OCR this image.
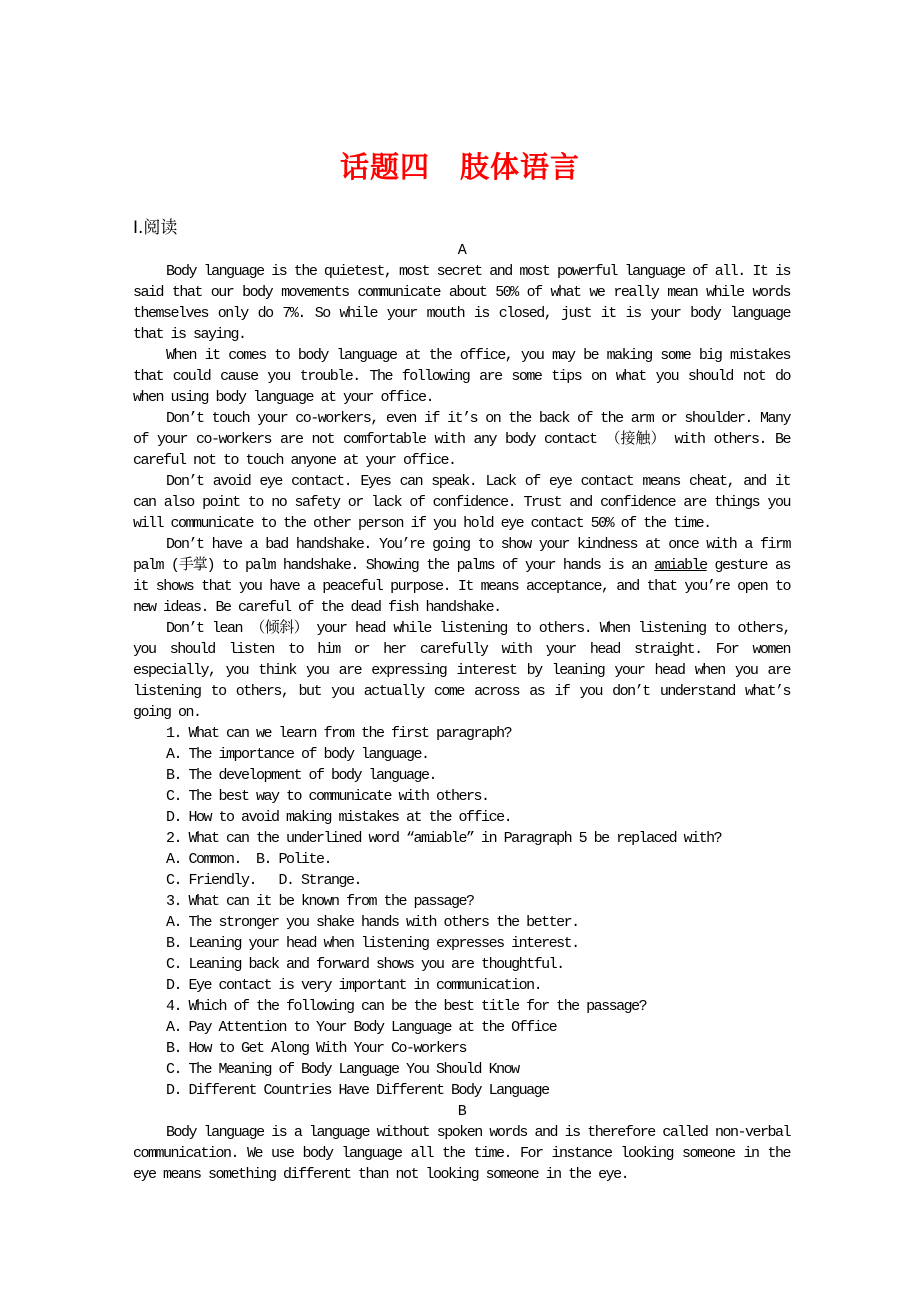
话题四　肢体语言
Ⅰ.阅读
A

Body language is the quietest, most secret and most powerful language of all. It is said that our body movements communicate about 50% of what we really mean while words themselves only do 7%. So while your mouth is closed, just it is your body language that is saying.

When it comes to body language at the office, you may be making some big mistakes that could cause you trouble. The following are some tips on what you should not do when using body language at your office.

Don’t touch your co-workers, even if it’s on the back of the arm or shoulder. Many of your co-workers are not comfortable with any body contact （接触） with others. Be careful not to touch anyone at your office.

Don’t avoid eye contact. Eyes can speak. Lack of eye contact means cheat, and it can also point to no safety or lack of confidence. Trust and confidence are things you will communicate to the other person if you hold eye contact 50% of the time.

Don’t have a bad handshake. You’re going to show your kindness at once with a firm palm (手掌) to palm handshake. Showing the palms of your hands is an amiable gesture as it shows that you have a peaceful purpose. It means acceptance, and that you’re open to new ideas. Be careful of the dead fish handshake.

Don’t lean （倾斜） your head while listening to others. When listening to others, you should listen to him or her carefully with your head straight. For women especially, you think you are expressing interest by leaning your head when you are listening to others, but you actually come across as if you don’t understand what’s going on.

1. What can we learn from the first paragraph?
A. The importance of body language.
B. The development of body language.
C. The best way to communicate with others.
D. How to avoid making mistakes at the office.
2. What can the underlined word “amiable” in Paragraph 5 be replaced with?
A. Common.  B. Polite.
C. Friendly.   D. Strange.
3. What can it be known from the passage?
A. The stronger you shake hands with others the better.
B. Leaning your head when listening expresses interest.
C. Leaning back and forward shows you are thoughtful.
D. Eye contact is very important in communication.
4. Which of the following can be the best title for the passage?
A. Pay Attention to Your Body Language at the Office
B. How to Get Along With Your Co-workers
C. The Meaning of Body Language You Should Know
D. Different Countries Have Different Body Language
B

Body language is a language without spoken words and is therefore called non-verbal communication. We use body language all the time. For instance looking someone in the eye means something different than not looking someone in the eye.
